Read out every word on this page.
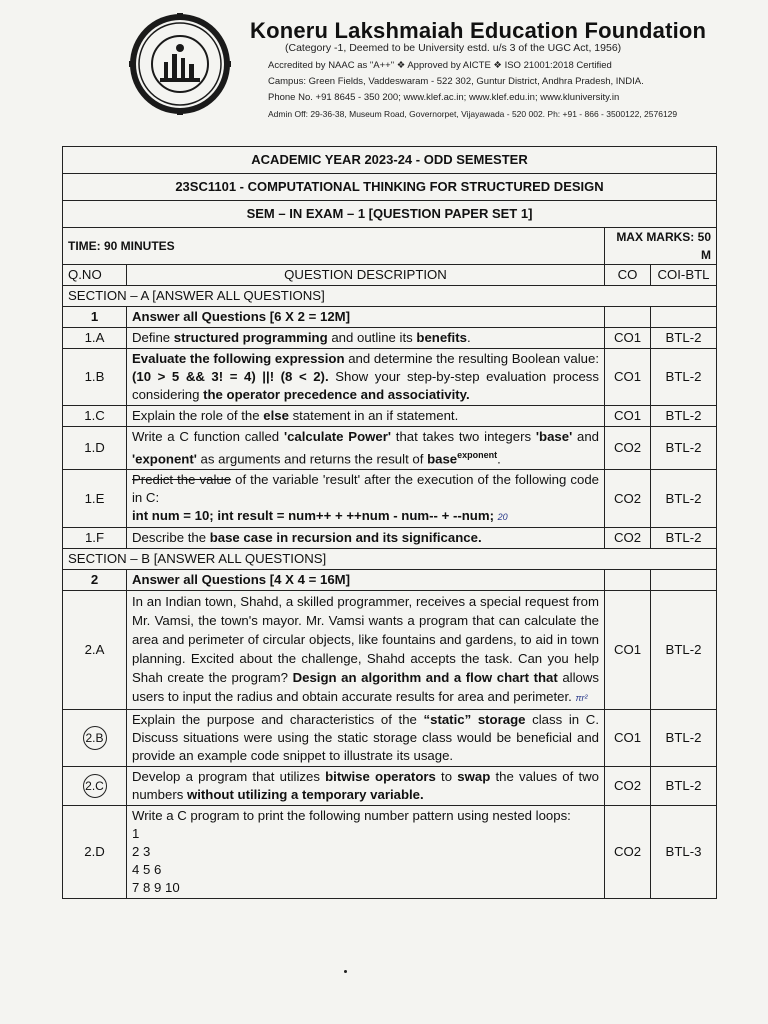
Koneru Lakshmaiah Education Foundation
(Category -1, Deemed to be University estd. u/s 3 of the UGC Act, 1956)
Accredited by NAAC as "A++" ❖ Approved by AICTE ❖ ISO 21001:2018 Certified
Campus: Green Fields, Vaddeswaram - 522 302, Guntur District, Andhra Pradesh, INDIA.
Phone No. +91 8645 - 350 200; www.klef.ac.in; www.klef.edu.in; www.kluniversity.in
Admin Off: 29-36-38, Museum Road, Governorpet, Vijayawada - 520 002. Ph: +91 - 866 - 3500122, 2576129
ACADEMIC YEAR 2023-24 - ODD SEMESTER			
23SC1101 - COMPUTATIONAL THINKING FOR STRUCTURED DESIGN			
SEM – IN EXAM – 1 [QUESTION PAPER SET 1]			
TIME: 90 MINUTES		MAX MARKS: 50 M	
Q.NO	QUESTION DESCRIPTION	CO	COI-BTL
SECTION – A [ANSWER ALL QUESTIONS]			
1	Answer all Questions [6 X 2 = 12M]		
1.A	Define structured programming and outline its benefits.	CO1	BTL-2
1.B	Evaluate the following expression and determine the resulting Boolean value: (10 > 5 && 3! = 4) ||! (8 < 2). Show your step-by-step evaluation process considering the operator precedence and associativity.	CO1	BTL-2
1.C	Explain the role of the else statement in an if statement.	CO1	BTL-2
1.D	Write a C function called 'calculate Power' that takes two integers 'base' and 'exponent' as arguments and returns the result of base$^{exponent}$.	CO2	BTL-2
1.E	Predict the value of the variable 'result' after the execution of the following code in C:
int num = 10; int result = num++ + ++num - num-- + --num; 20	CO2	BTL-2
1.F	Describe the base case in recursion and its significance.	CO2	BTL-2
SECTION – B [ANSWER ALL QUESTIONS]			
2	Answer all Questions [4 X 4 = 16M]		
2.A	In an Indian town, Shahd, a skilled programmer, receives a special request from Mr. Vamsi, the town's mayor. Mr. Vamsi wants a program that can calculate the area and perimeter of circular objects, like fountains and gardens, to aid in town planning. Excited about the challenge, Shahd accepts the task. Can you help Shah create the program? Design an algorithm and a flow chart that allows users to input the radius and obtain accurate results for area and perimeter. πr²	CO1	BTL-2
2.B	Explain the purpose and characteristics of the “static” storage class in C. Discuss situations were using the static storage class would be beneficial and provide an example code snippet to illustrate its usage.	CO1	BTL-2
2.C	Develop a program that utilizes bitwise operators to swap the values of two numbers without utilizing a temporary variable.	CO2	BTL-2
2.D	Write a C program to print the following number pattern using nested loops:
1
2 3
4 5 6
7 8 9 10	CO2	BTL-3
